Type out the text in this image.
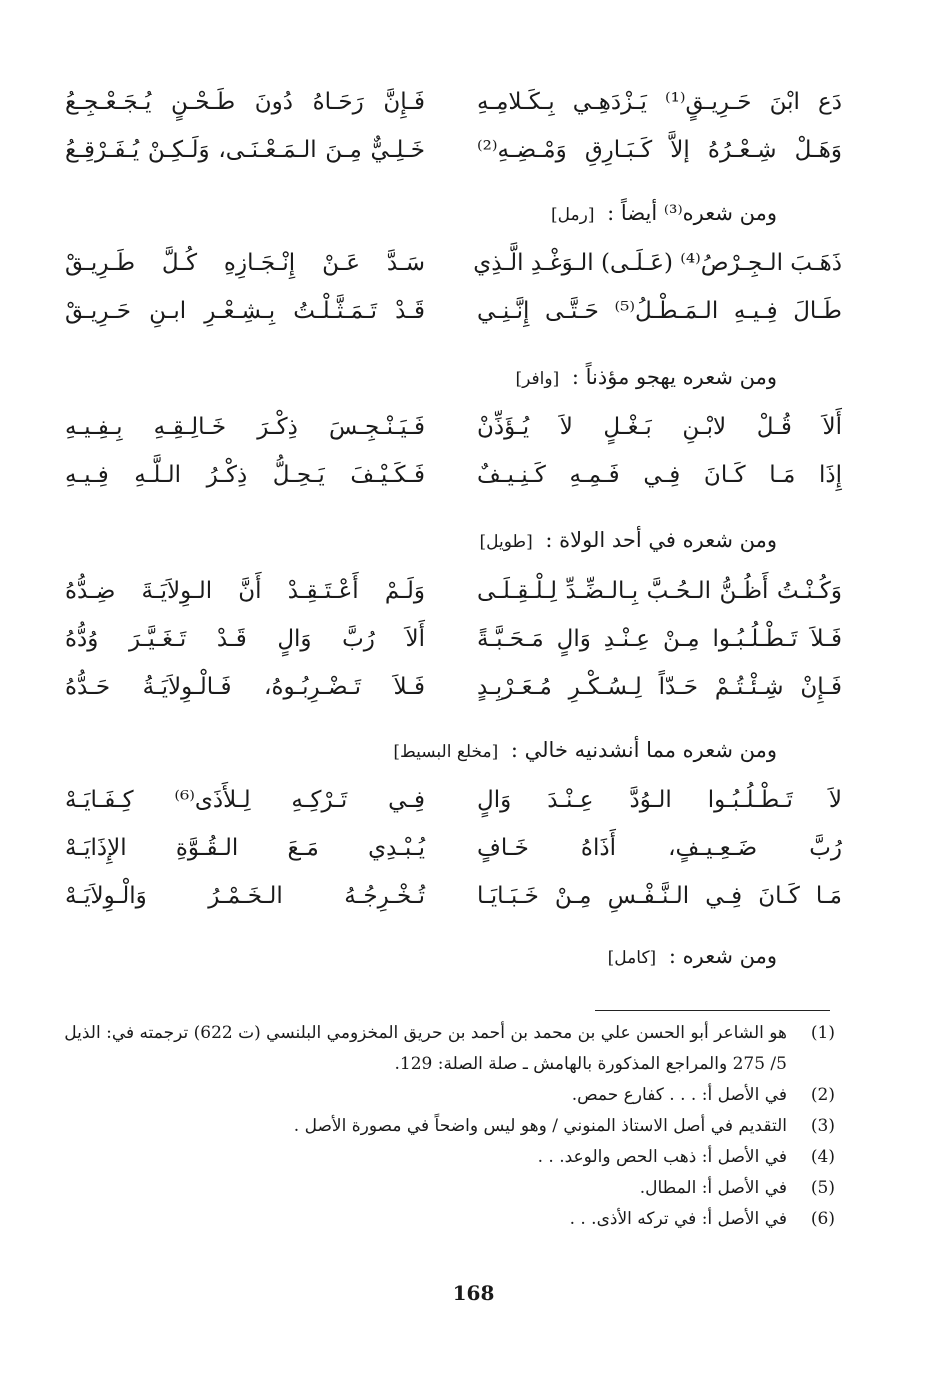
دَع ابْنَ حَـرِيـقٍ⁽¹⁾ يَـزْدَهِـي بِـكَـلامِـهِ
فَـإِنَّ رَحَـاهُ دُونَ طَـحْـنٍ يُـجَـعْـجِـعُ
وَهَـلْ شِـعْـرُهُ إلاَّ كَـبَـارِقِ وَمْـضِـهِ⁽²⁾
خَـلِـيٌّ مِـنَ الـمَـعْـنَـى، وَلَـكِـنْ يُـفَـرْقِـعُ
ومن شعره⁽³⁾ أيضاً : [رمل]
ذَهَـبَ الـجِـرْصُ⁽⁴⁾ (عَـلَـى) الـوَغْـدِ الَّـذِي
سَـدَّ عَـنْ إِنْـجَـازِهِ كُـلَّ طَـرِيـقْ
طَـالَ فِـيـهِ الـمَـطْـلُ⁽⁵⁾ حَـتَّـى إِنَّـنِـي
قَـدْ تَـمَـثَّـلْـتُ بِـشِـعْـرِ ابـنِ حَـرِيـقْ
ومن شعره يهجو مؤذناً : [وافر]
أَلاَ قُـلْ لابْـنِ بَـغْـلٍ لاَ يُـؤَذِّنْ
فَـيَـنْـجِـسَ ذِكْـرَ خَـالِـقِـهِ بِـفِـيـهِ
إِذَا مَـا كَـانَ فِـي فَـمِـهِ كَـنِـيـفٌ
فَـكَـيْـفَ يَـحِـلُّ ذِكْـرُ الـلَّـهِ فِـيـهِ
ومن شعره في أحد الولاة : [طويل]
وَكُـنْـتُ أَظُـنُّ الـحُـبَّ بِـالـضِّـدِّ لِـلْـقِـلَـى
وَلَـمْ أَعْـتَـقِـدْ أَنَّ الـوِلاَيَـةَ ضِـدُّهُ
فَـلاَ تَـطْـلُـبُـوا مِـنْ عِـنْـدِ وَالٍ مَـحَـبَّـةً
أَلاَ رُبَّ وَالٍ قَـدْ تَـغَـيَّـرَ وُدُّهُ
فَـإِنْ شِـئْـتُـمْ حَـدّاً لِـسُـكْـرِ مُـعَـرْبِـدٍ
فَـلاَ تَـضْـرِبُـوهُ، فَـالْـوِلاَيَـةُ حَـدُّهُ
ومن شعره مما أنشدنيه خالي : [مخلع البسيط]
لاَ تَـطْـلُـبُـوا الـوُدَّ عِـنْـدَ وَالٍ
فِـي تَـرْكِـهِ لِـلأَذَى⁽⁶⁾ كِـفَـايَـهْ
رُبَّ ضَـعِـيـفٍ، أَذَاهُ خَـافٍ
يُـبْـدِي مَـعَ الـقُـوَّةِ الإِذَايَـهْ
مَـا كَـانَ فِـي الـنَّـفْـسِ مِـنْ خَـبَـايَـا
تُـخْـرِجُـهُ الـخَـمْـرُ وَالْـوِلاَيَـهْ
ومن شعره : [كامل]
(1)
هو الشاعر أبو الحسن علي بن محمد بن أحمد بن حريق المخزومي البلنسي (ت 622) ترجمته في: الذيل 5/ 275 والمراجع المذكورة بالهامش ـ صلة الصلة: 129.
(2)
في الأصل أ: . . . كفارع حمص.
(3)
التقديم في أصل الاستاذ المنوني / وهو ليس واضحاً في مصورة الأصل .
(4)
في الأصل أ: ذهب الحص والوعد. . .
(5)
في الأصل أ: المطال.
(6)
في الأصل أ: في تركه الأذى. . .
168
